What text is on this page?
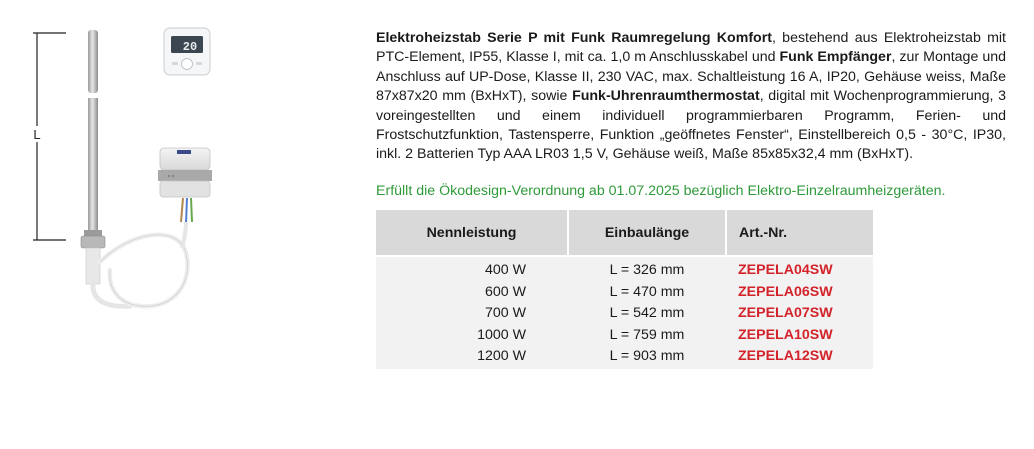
L
20

Elektroheizstab Serie P mit Funk Raumregelung Komfort, bestehend aus Elektroheizstab mit PTC-Element, IP55, Klasse I, mit ca. 1,0 m Anschlusskabel und Funk Empfänger, zur Montage und Anschluss auf UP-Dose, Klasse II, 230 VAC, max. Schaltleistung 16 A, IP20, Gehäuse weiss, Maße 87x87x20 mm (BxHxT), sowie Funk-Uhrenraumthermostat, digital mit Wochenprogrammierung, 3 voreingestellten und einem individuell programmierbaren Programm, Ferien- und Frostschutzfunktion, Tastensperre, Funktion „geöffnetes Fenster“, Einstellbereich 0,5 - 30°C, IP30, inkl. 2 Batterien Typ AAA LR03 1,5 V, Gehäuse weiß, Maße 85x85x32,4 mm (BxHxT).

Erfüllt die Ökodesign-Verordnung ab 01.07.2025 bezüglich Elektro-Einzelraumheizgeräten.

Nennleistung	Einbaulänge	Art.-Nr.
400 W	L = 326 mm	ZEPELA04SW
600 W	L = 470 mm	ZEPELA06SW
700 W	L = 542 mm	ZEPELA07SW
1000 W	L = 759 mm	ZEPELA10SW
1200 W	L = 903 mm	ZEPELA12SW
